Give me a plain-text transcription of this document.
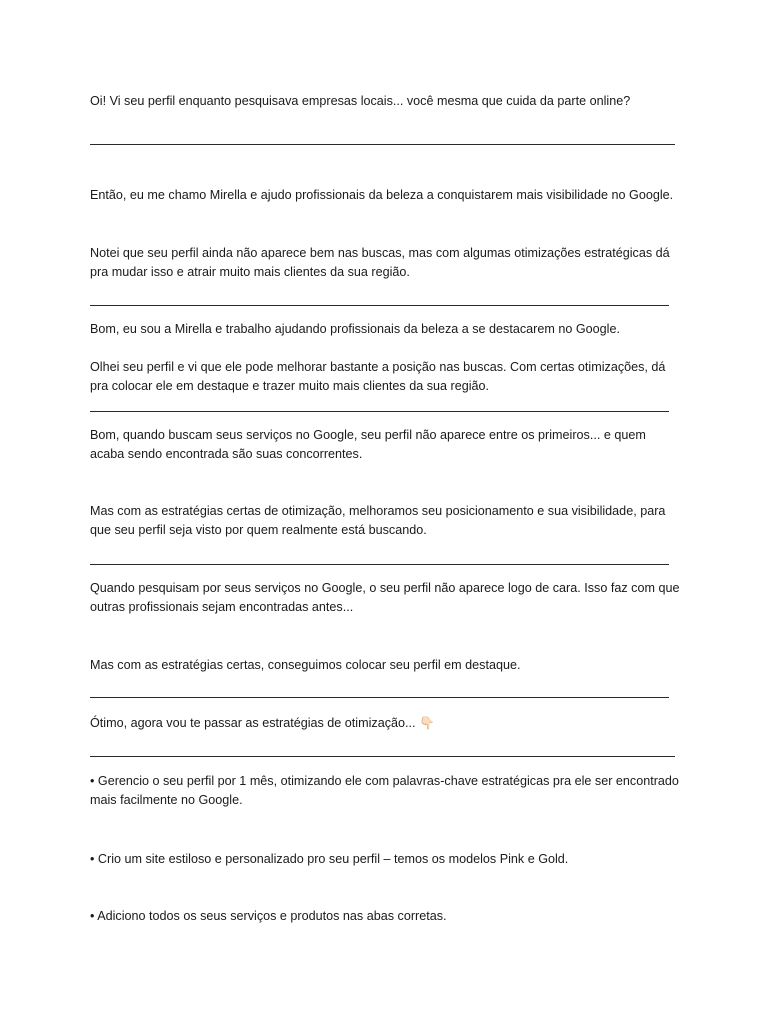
Oi! Vi seu perfil enquanto pesquisava empresas locais... você mesma que cuida da parte online?

Então, eu me chamo Mirella e ajudo profissionais da beleza a conquistarem mais visibilidade no Google.

Notei que seu perfil ainda não aparece bem nas buscas, mas com algumas otimizações estratégicas dá pra mudar isso e atrair muito mais clientes da sua região.

Bom, eu sou a Mirella e trabalho ajudando profissionais da beleza a se destacarem no Google.

Olhei seu perfil e vi que ele pode melhorar bastante a posição nas buscas. Com certas otimizações, dá pra colocar ele em destaque e trazer muito mais clientes da sua região.

Bom, quando buscam seus serviços no Google, seu perfil não aparece entre os primeiros... e quem acaba sendo encontrada são suas concorrentes.

Mas com as estratégias certas de otimização, melhoramos seu posicionamento e sua visibilidade, para que seu perfil seja visto por quem realmente está buscando.

Quando pesquisam por seus serviços no Google, o seu perfil não aparece logo de cara. Isso faz com que outras profissionais sejam encontradas antes...

Mas com as estratégias certas, conseguimos colocar seu perfil em destaque.

Ótimo, agora vou te passar as estratégias de otimização... 👇🏻

• Gerencio o seu perfil por 1 mês, otimizando ele com palavras-chave estratégicas pra ele ser encontrado mais facilmente no Google.

• Crio um site estiloso e personalizado pro seu perfil – temos os modelos Pink e Gold.

• Adiciono todos os seus serviços e produtos nas abas corretas.
